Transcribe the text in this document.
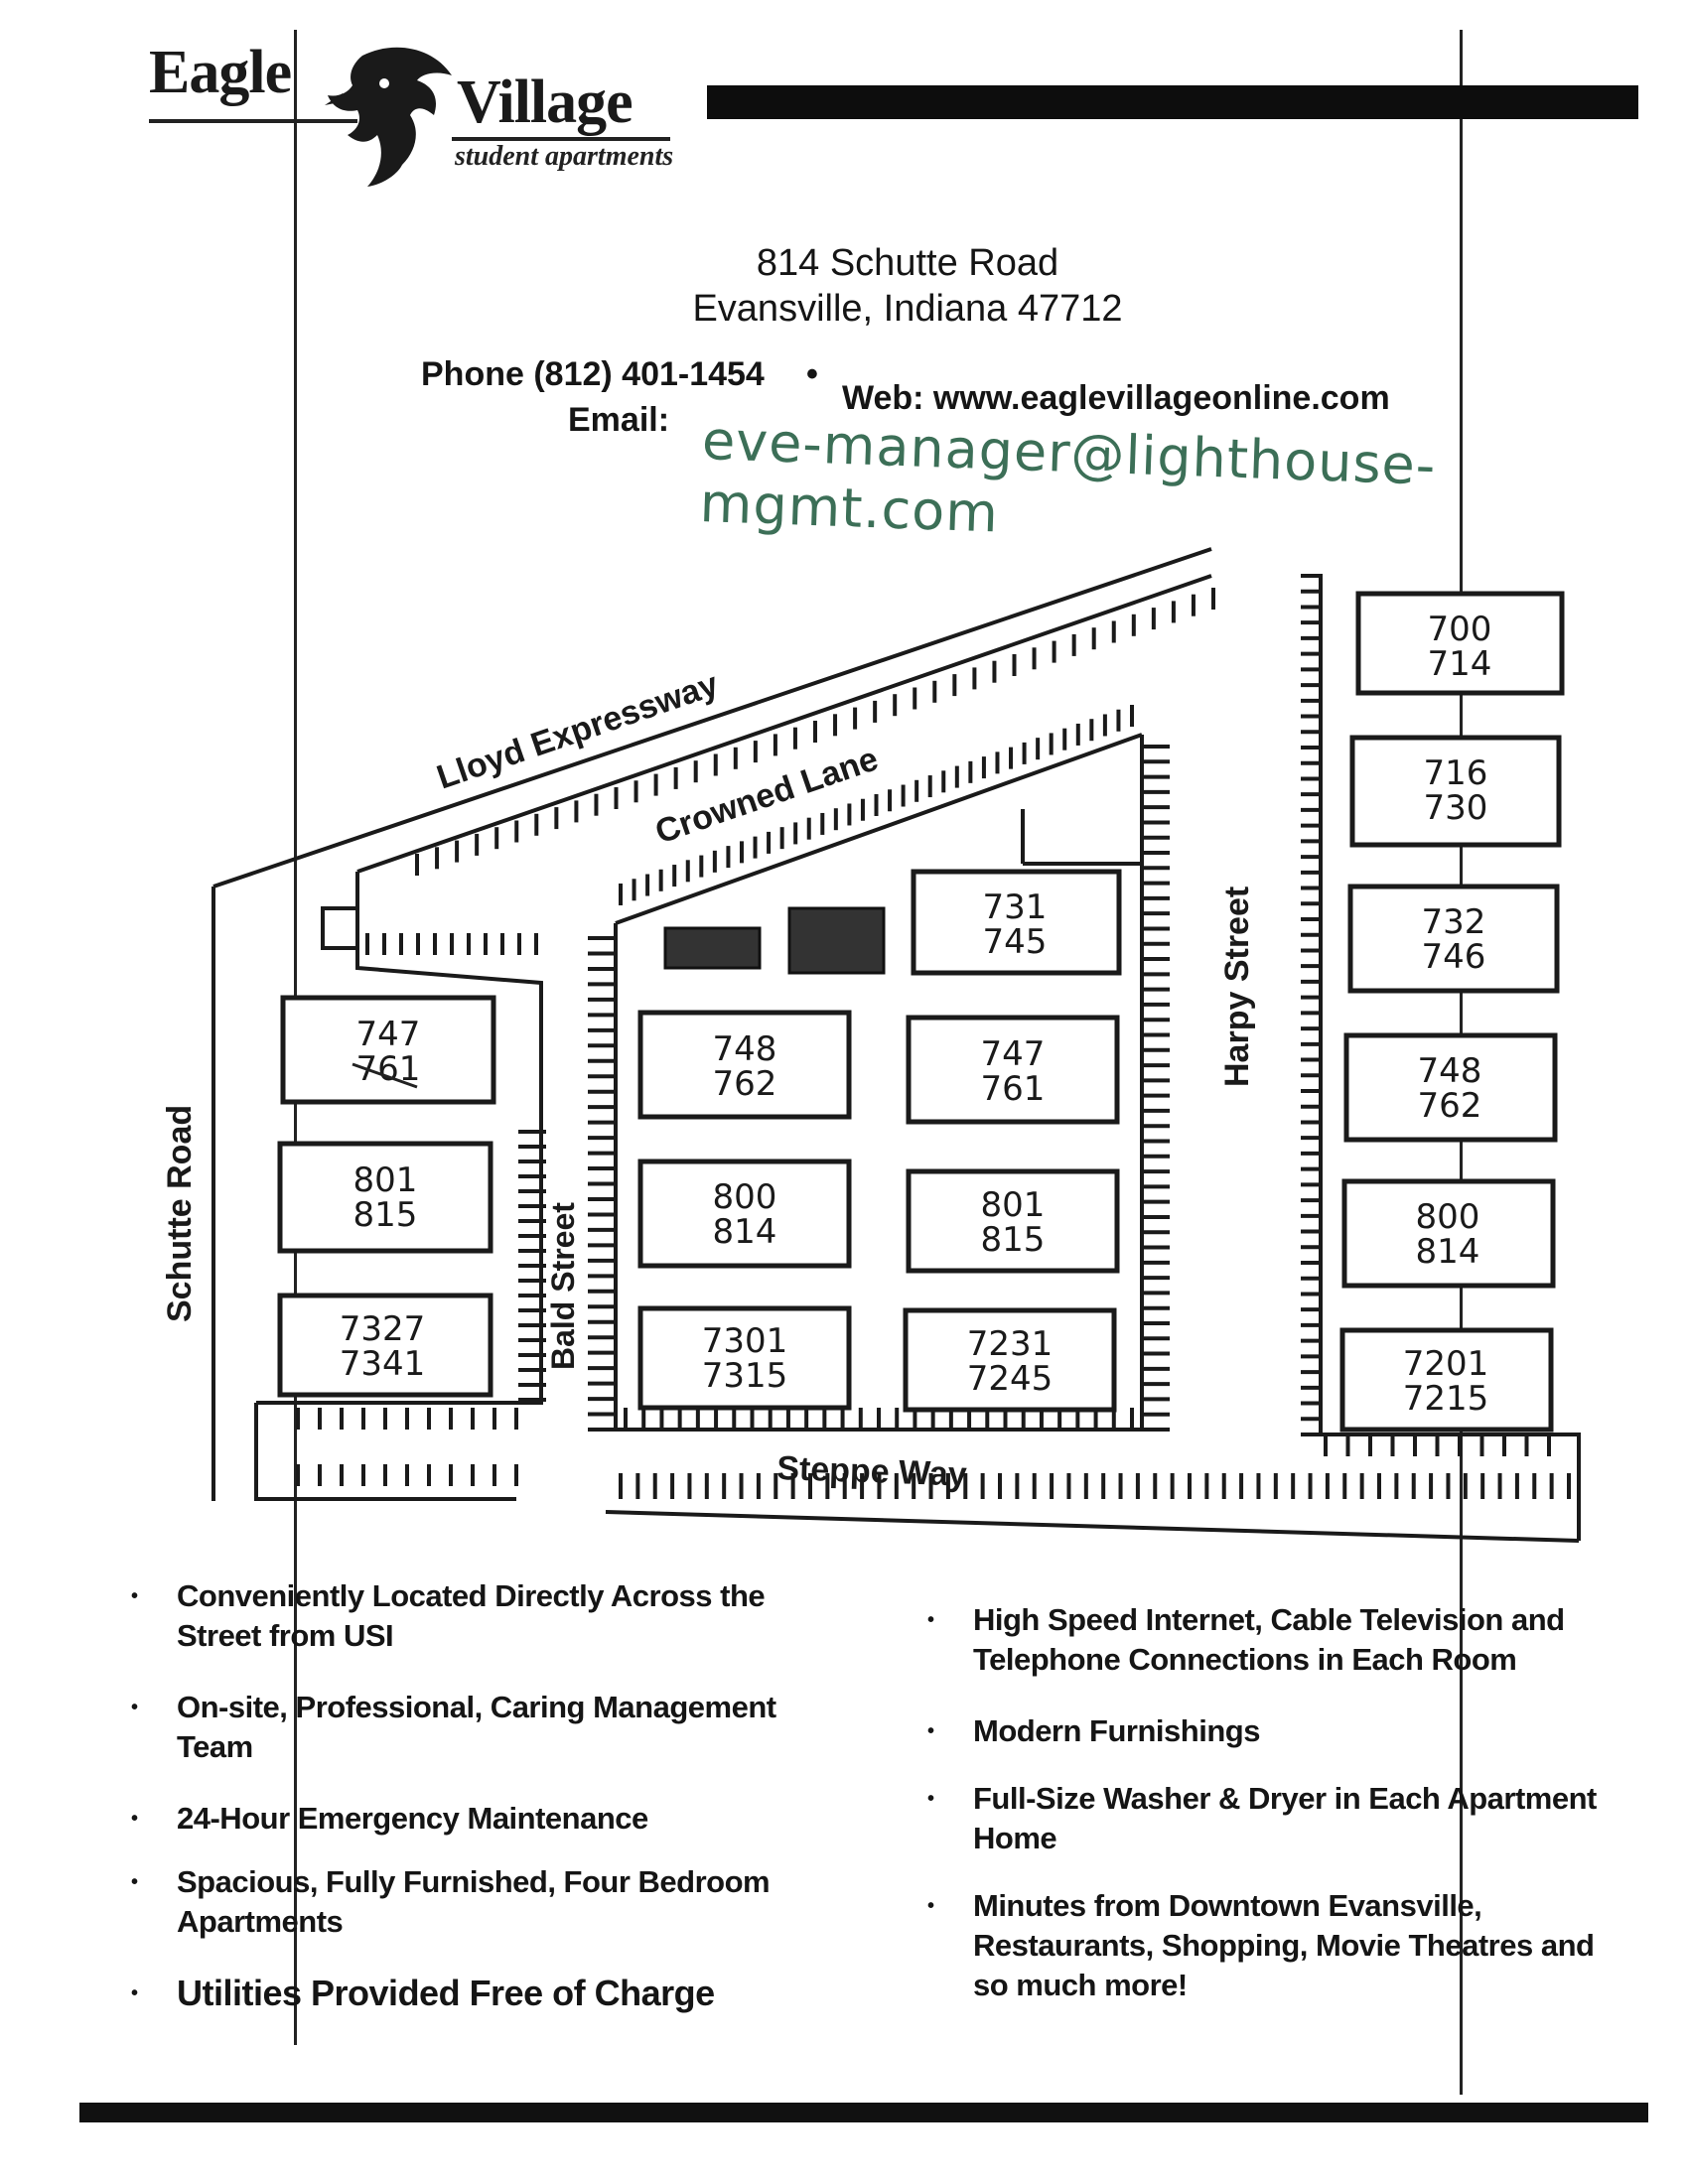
Eagle	Village
student apartments
814 Schutte Road
Evansville, Indiana 47712
Phone (812) 401-1454 •
Web: www.eaglevillageonline.com
Email: eve-manager@lighthouse-mgmt.com
700
714
716
730
732
746
748
762
800
814
7201
7215
731
745
747
761
801
815
7231
7245
748
762
800
814
7301
7315
747
761
801
815
7327
7341
Lloyd Expressway
Crowned Lane
Harpy Street
Schutte Road	Bald Street
Steppe Way
• Conveniently Located Directly Across the Street from USI
• On-site, Professional, Caring Management Team
• 24-Hour Emergency Maintenance
• Spacious, Fully Furnished, Four Bedroom Apartments
• Utilities Provided Free of Charge
• High Speed Internet, Cable Television and Telephone Connections in Each Room
• Modern Furnishings
• Full-Size Washer & Dryer in Each Apartment Home
• Minutes from Downtown Evansville, Restaurants, Shopping, Movie Theatres and so much more!
